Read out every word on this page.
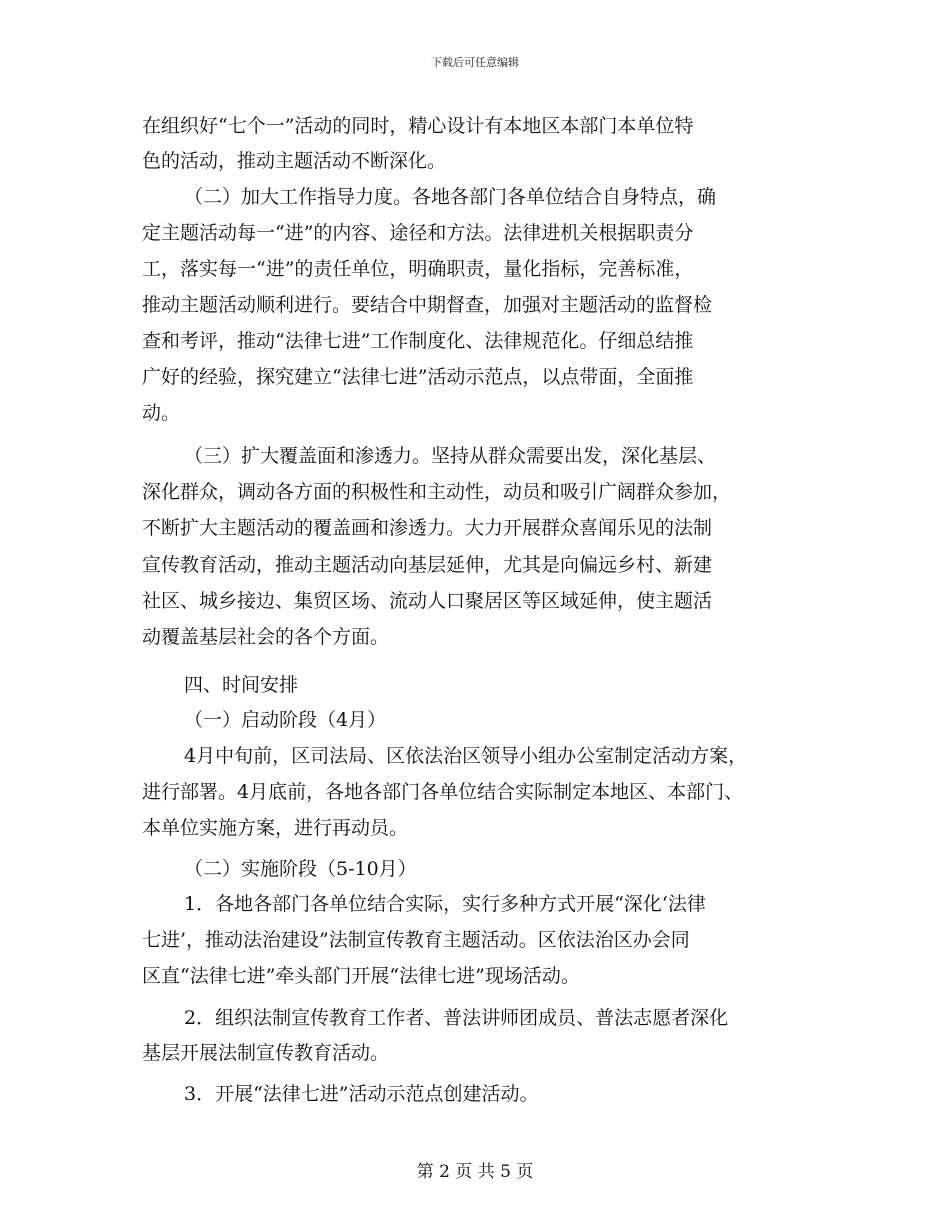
下载后可任意编辑
在组织好“七个一”活动的同时，精心设计有本地区本部门本单位特
色的活动，推动主题活动不断深化。
（二）加大工作指导力度。各地各部门各单位结合自身特点，确
定主题活动每一“进”的内容、途径和方法。法律进机关根据职责分
工，落实每一“进”的责任单位，明确职责，量化指标，完善标准，
推动主题活动顺利进行。要结合中期督查，加强对主题活动的监督检
查和考评，推动“法律七进”工作制度化、法律规范化。仔细总结推
广好的经验，探究建立“法律七进”活动示范点，以点带面，全面推
动。
（三）扩大覆盖面和渗透力。坚持从群众需要出发，深化基层、
深化群众，调动各方面的积极性和主动性，动员和吸引广阔群众参加，
不断扩大主题活动的覆盖画和渗透力。大力开展群众喜闻乐见的法制
宣传教育活动，推动主题活动向基层延伸，尤其是向偏远乡村、新建
社区、城乡接边、集贸区场、流动人口聚居区等区域延伸，使主题活
动覆盖基层社会的各个方面。
四、时间安排
（一）启动阶段（4月）
4月中旬前，区司法局、区依法治区领导小组办公室制定活动方案，
进行部署。4月底前，各地各部门各单位结合实际制定本地区、本部门、
本单位实施方案，进行再动员。
（二）实施阶段（5-10月）
1．各地各部门各单位结合实际，实行多种方式开展“深化‘法律
七进’，推动法治建设”法制宣传教育主题活动。区依法治区办会同
区直“法律七进”牵头部门开展“法律七进”现场活动。
2．组织法制宣传教育工作者、普法讲师团成员、普法志愿者深化
基层开展法制宣传教育活动。
3．开展“法律七进”活动示范点创建活动。
第 2 页 共 5 页
